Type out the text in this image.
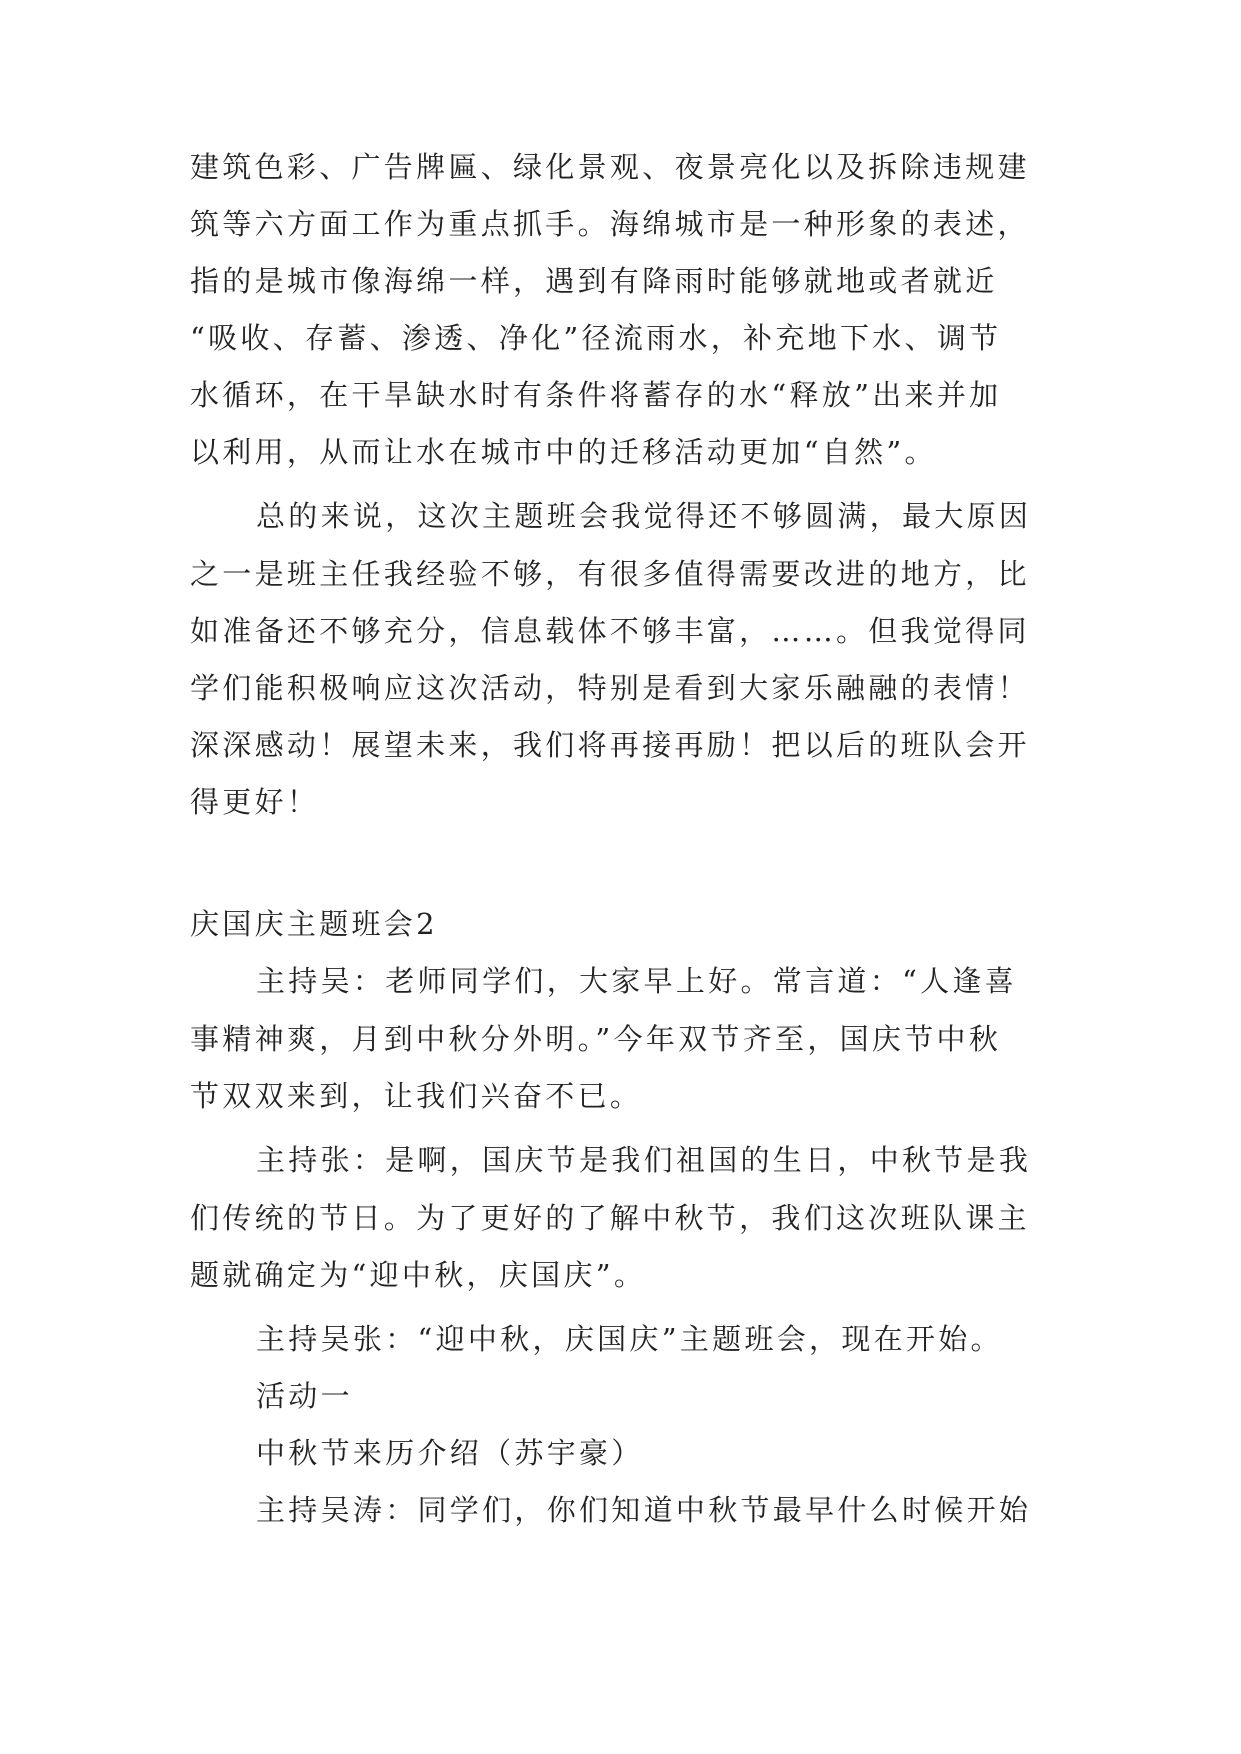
建筑色彩、广告牌匾、绿化景观、夜景亮化以及拆除违规建
筑等六方面工作为重点抓手。海绵城市是一种形象的表述，
指的是城市像海绵一样，遇到有降雨时能够就地或者就近
“吸收、存蓄、渗透、净化”径流雨水，补充地下水、调节
水循环，在干旱缺水时有条件将蓄存的水“释放”出来并加
以利用，从而让水在城市中的迁移活动更加“自然”。
总的来说，这次主题班会我觉得还不够圆满，最大原因
之一是班主任我经验不够，有很多值得需要改进的地方，比
如准备还不够充分，信息载体不够丰富，……。但我觉得同
学们能积极响应这次活动，特别是看到大家乐融融的表情！
深深感动！展望未来，我们将再接再励！把以后的班队会开
得更好！
庆国庆主题班会2
主持吴：老师同学们，大家早上好。常言道：“人逢喜
事精神爽，月到中秋分外明。”今年双节齐至，国庆节中秋
节双双来到，让我们兴奋不已。
主持张：是啊，国庆节是我们祖国的生日，中秋节是我
们传统的节日。为了更好的了解中秋节，我们这次班队课主
题就确定为“迎中秋，庆国庆”。
主持吴张：“迎中秋，庆国庆”主题班会，现在开始。
活动一
中秋节来历介绍（苏宇豪）
主持吴涛：同学们，你们知道中秋节最早什么时候开始
